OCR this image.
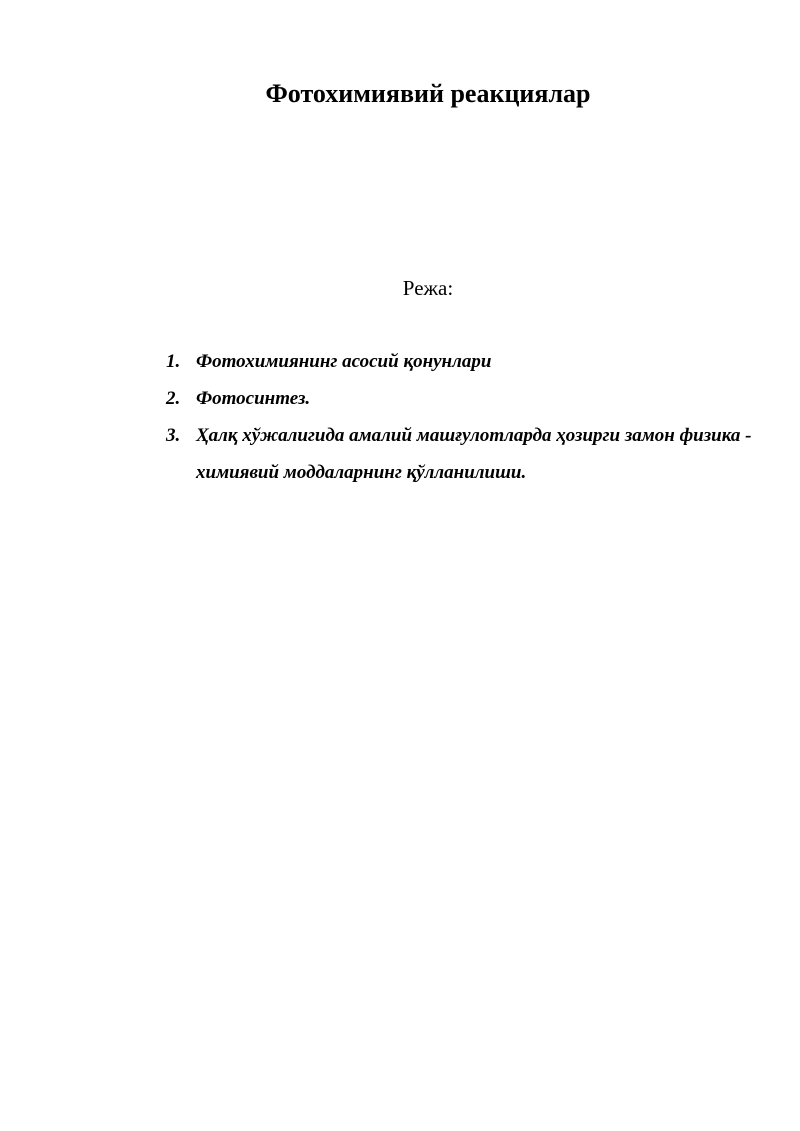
Фотохимиявий реакциялар

Режа:

1. Фотохимиянинг асосий қонунлари
2. Фотосинтез.
3. Ҳалқ хўжалигида амалий машғулотларда ҳозирги замон физика - химиявий моддаларнинг қўлланилиши.
